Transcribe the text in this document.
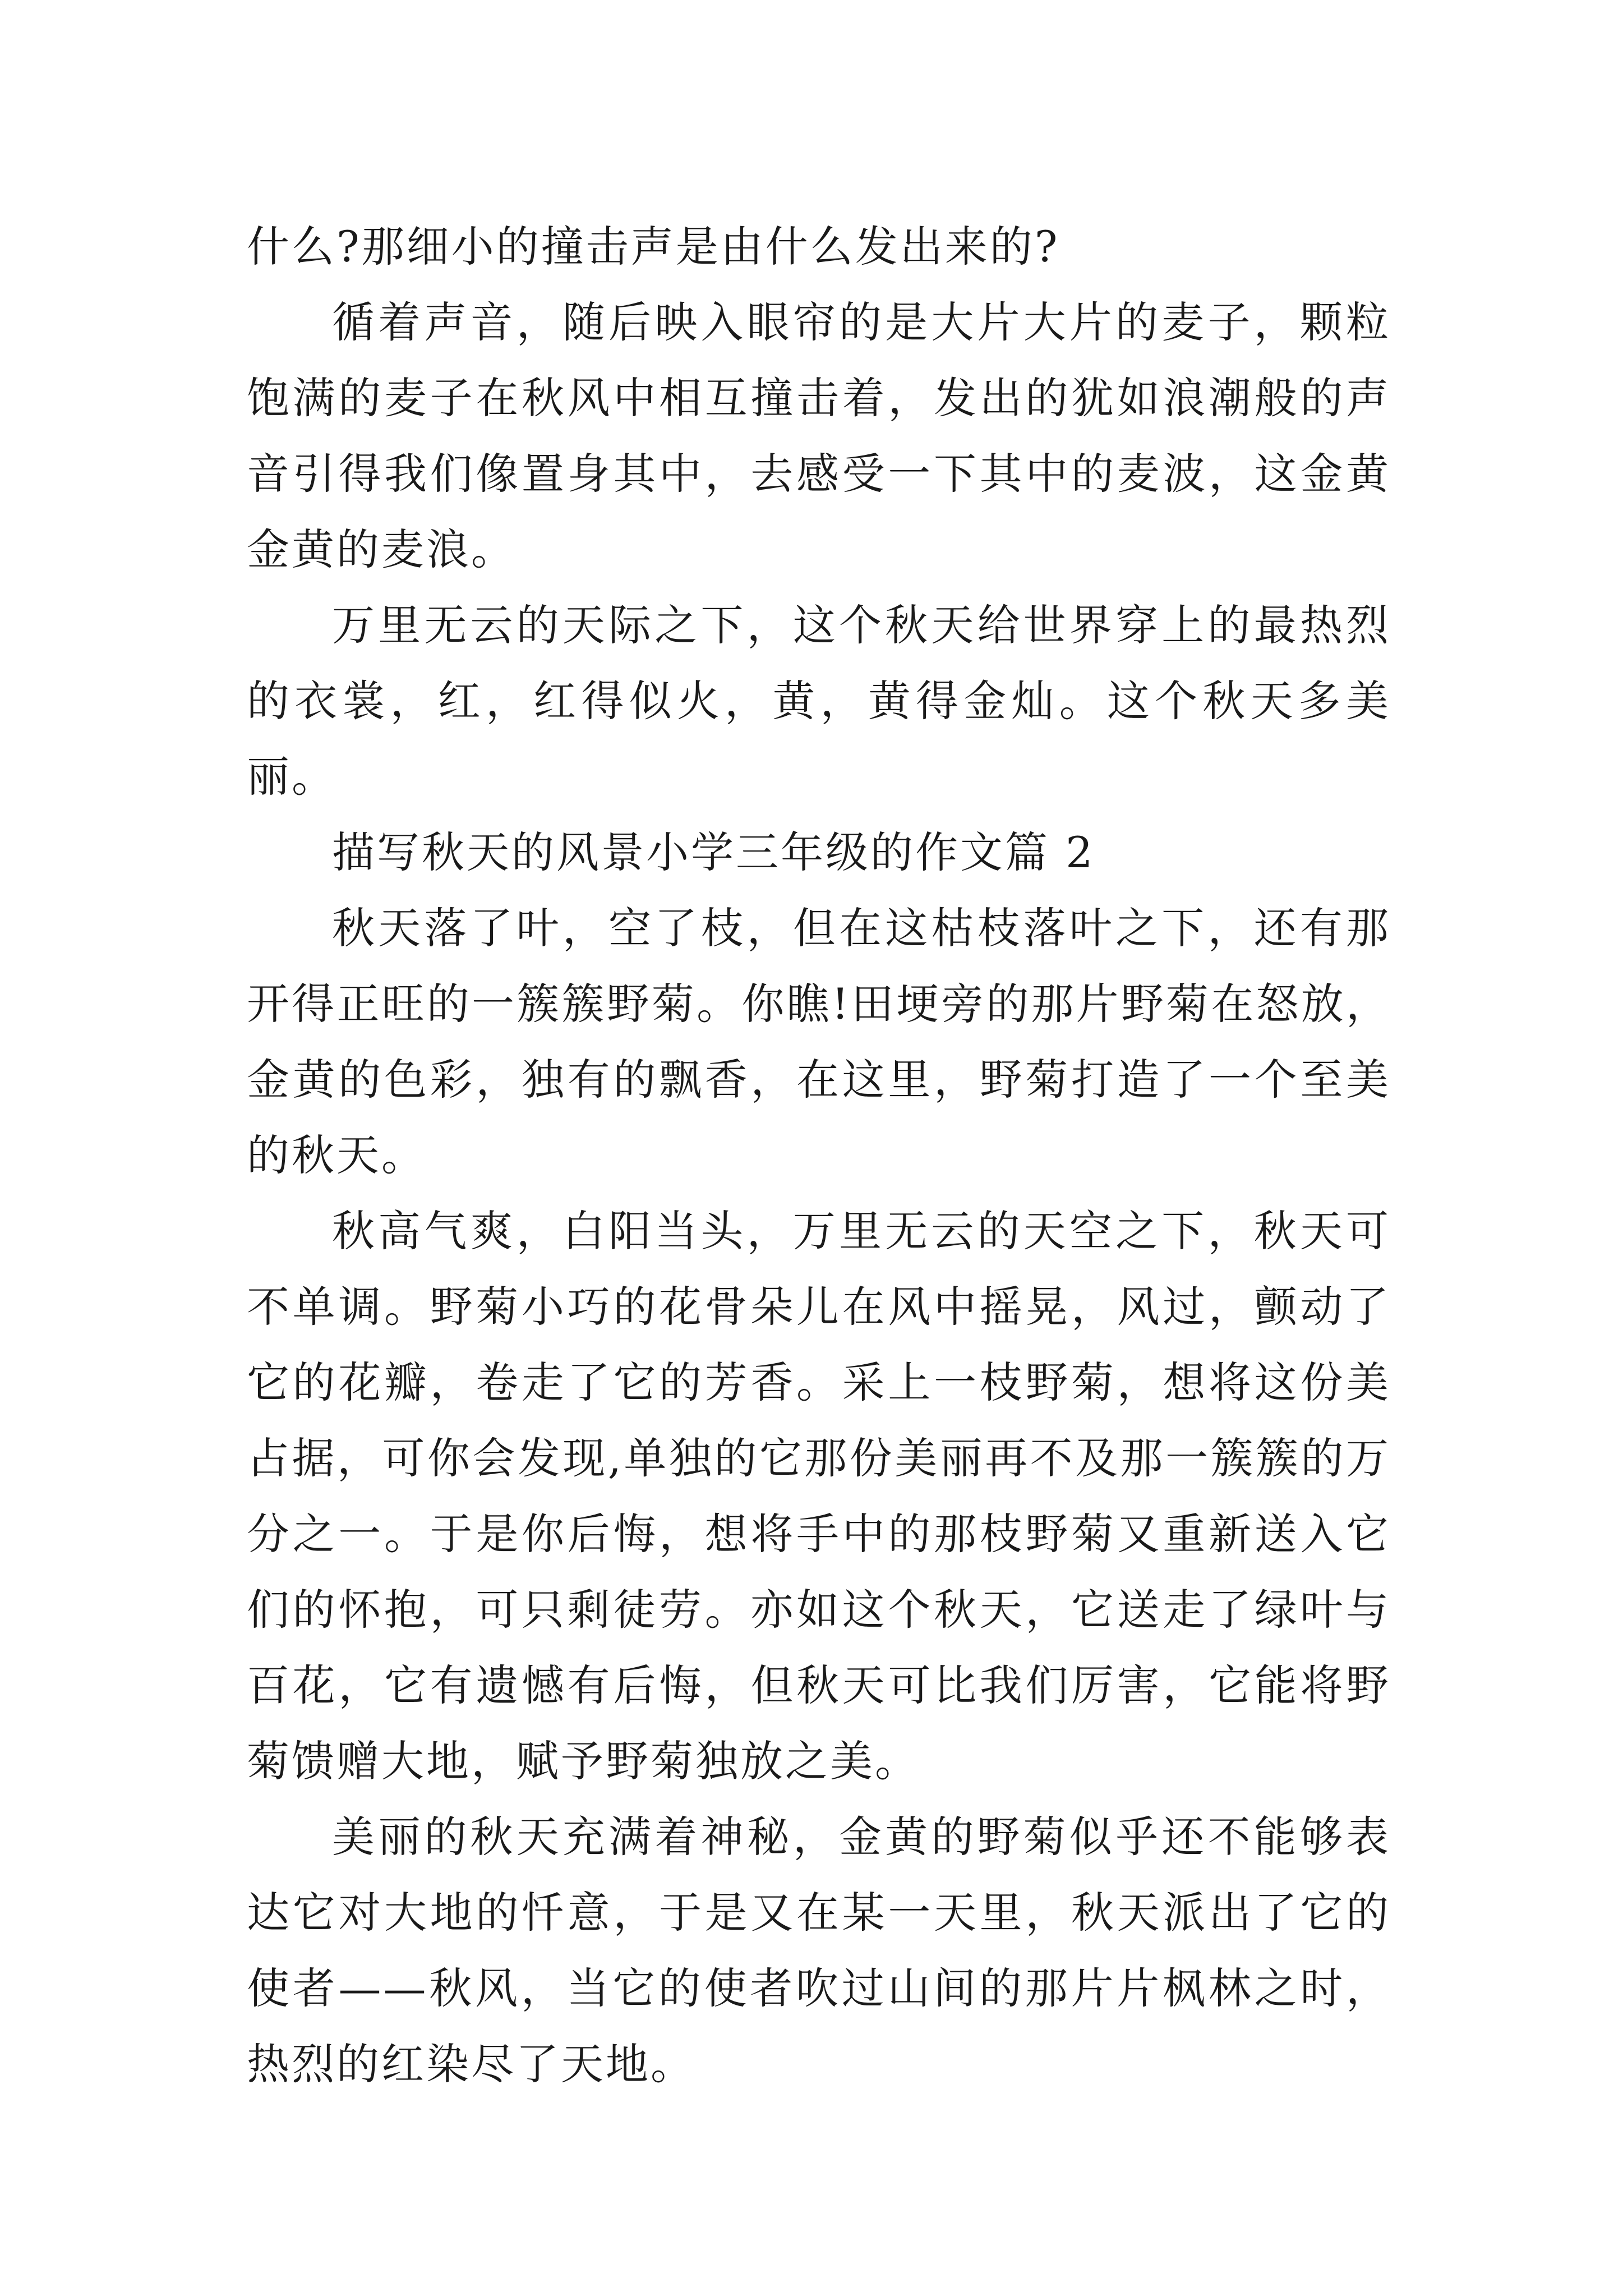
什么?那细小的撞击声是由什么发出来的?

循着声音，随后映入眼帘的是大片大片的麦子，颗粒饱满的麦子在秋风中相互撞击着，发出的犹如浪潮般的声音引得我们像置身其中，去感受一下其中的麦波，这金黄金黄的麦浪。

万里无云的天际之下，这个秋天给世界穿上的最热烈的衣裳，红，红得似火，黄，黄得金灿。这个秋天多美丽。

描写秋天的风景小学三年级的作文篇 2

秋天落了叶，空了枝，但在这枯枝落叶之下，还有那开得正旺的一簇簇野菊。你瞧!田埂旁的那片野菊在怒放，金黄的色彩，独有的飘香，在这里，野菊打造了一个至美的秋天。

秋高气爽，白阳当头，万里无云的天空之下，秋天可不单调。野菊小巧的花骨朵儿在风中摇晃，风过，颤动了它的花瓣，卷走了它的芳香。采上一枝野菊，想将这份美占据，可你会发现,单独的它那份美丽再不及那一簇簇的万分之一。于是你后悔，想将手中的那枝野菊又重新送入它们的怀抱，可只剩徒劳。亦如这个秋天，它送走了绿叶与百花，它有遗憾有后悔，但秋天可比我们厉害，它能将野菊馈赠大地，赋予野菊独放之美。

美丽的秋天充满着神秘，金黄的野菊似乎还不能够表达它对大地的忏意，于是又在某一天里，秋天派出了它的使者——秋风，当它的使者吹过山间的那片片枫林之时，热烈的红染尽了天地。
